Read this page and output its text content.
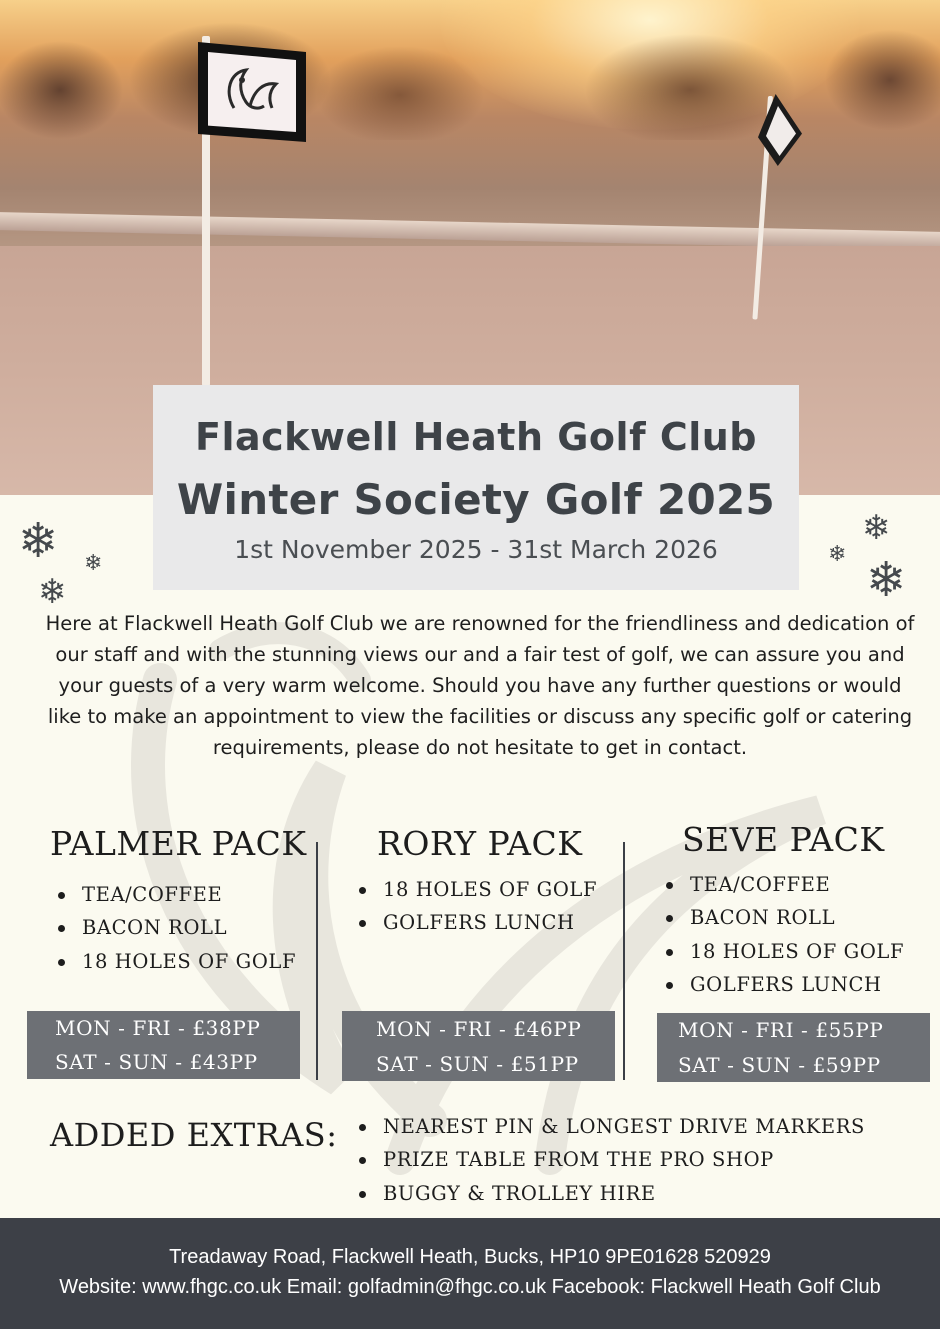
❄ ❄
❄
❄
❄
❄
Flackwell Heath Golf Club
Winter Society Golf 2025
1st November 2025 - 31st March 2026
Here at Flackwell Heath Golf Club we are renowned for the friendliness and dedication of our staff and with the stunning views our and a fair test of golf, we can assure you and your guests of a very warm welcome. Should you have any further questions or would like to make an appointment to view the facilities or discuss any specific golf or catering requirements, please do not hesitate to get in contact.
PALMER PACK
TEA/COFFEE
BACON ROLL
18 HOLES OF GOLF
MON - FRI - £38PP
SAT - SUN - £43PP
RORY PACK
18 HOLES OF GOLF
GOLFERS LUNCH
MON - FRI - £46PP
SAT - SUN - £51PP
SEVE PACK
TEA/COFFEE
BACON ROLL
18 HOLES OF GOLF
GOLFERS LUNCH
MON - FRI - £55PP
SAT - SUN - £59PP
ADDED EXTRAS:	NEAREST PIN & LONGEST DRIVE MARKERS
PRIZE TABLE FROM THE PRO SHOP
BUGGY & TROLLEY HIRE
Treadaway Road, Flackwell Heath, Bucks, HP10 9PE01628 520929
Website: www.fhgc.co.uk Email: golfadmin@fhgc.co.uk Facebook: Flackwell Heath Golf Club
